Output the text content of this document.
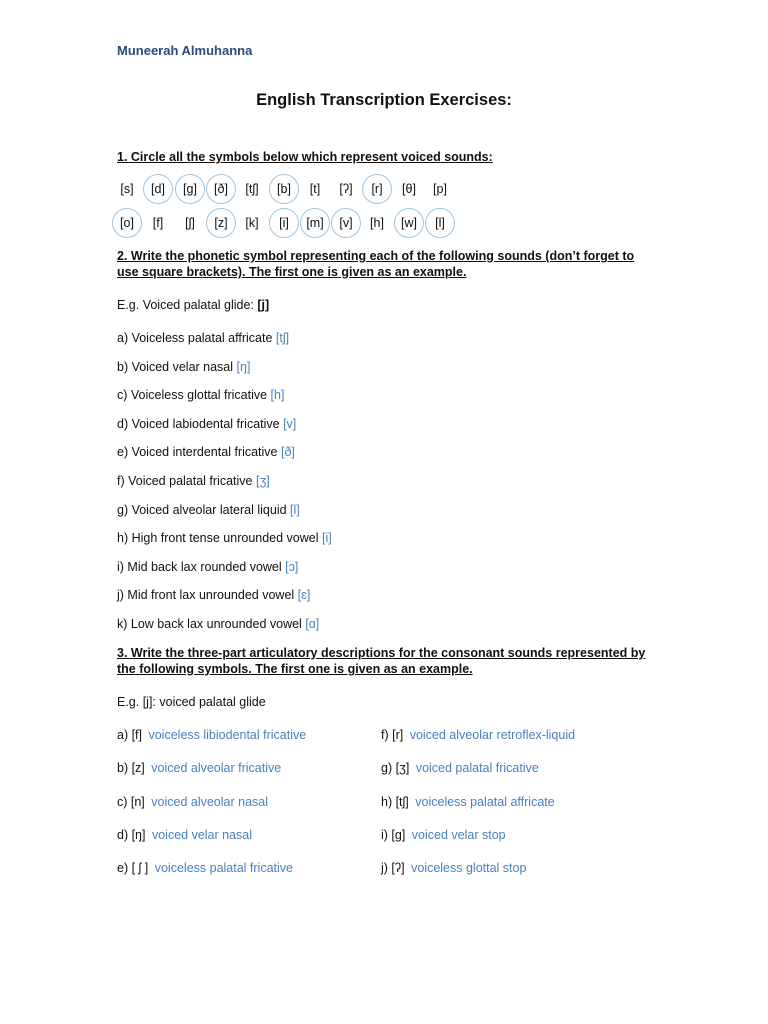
Muneerah Almuhanna
English Transcription Exercises:
1. Circle all the symbols below which represent voiced sounds:
[s]	[d]	[g]	[ð]	[tʃ]	[b]	[t]	[ʔ]	[r]	[θ]	[p]
[o]	[f]	[ʃ]	[z]	[k]	[i]	[m]	[v]	[h]	[w]	[l]
2. Write the phonetic symbol representing each of the following sounds (don’t forget to use square brackets). The first one is given as an example.
E.g. Voiced palatal glide: [j]
a) Voiceless palatal affricate [tʃ]
b) Voiced velar nasal [ŋ]
c) Voiceless glottal fricative [h]
d) Voiced labiodental fricative [v]
e) Voiced interdental fricative [ð]
f) Voiced palatal fricative [ʒ]
g) Voiced alveolar lateral liquid [l]
h) High front tense unrounded vowel [i]
i) Mid back lax rounded vowel [ɔ]
j) Mid front lax unrounded vowel [ɛ]
k) Low back lax unrounded vowel [ɑ]
3. Write the three-part articulatory descriptions for the consonant sounds represented by the following symbols. The first one is given as an example.
E.g. [j]: voiced palatal glide
a) [f] voiceless libiodental fricative
b) [z] voiced alveolar fricative
c) [n] voiced alveolar nasal
d) [ŋ] voiced velar nasal
e) [ ʃ ] voiceless palatal fricative
f) [r] voiced alveolar retroflex-liquid
g) [ʒ] voiced palatal fricative
h) [tʃ] voiceless palatal affricate
i) [g] voiced velar stop
j) [ʔ] voiceless glottal stop
